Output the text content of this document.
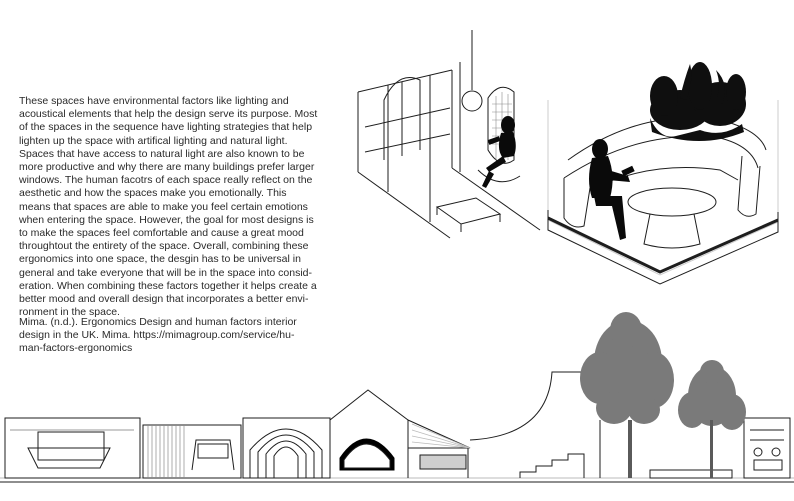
These spaces have environmental factors like lighting and
acoustical elements that help the design serve its purpose. Most
of the spaces in the sequence have lighting strategies that help
lighten up the space with artifical lighting and natural light.
Spaces that have access to natural light are also known to be
more productive and why there are many buildings prefer larger
windows. The human facotrs of each space really reflect on the
aesthetic and how the spaces make you emotionally. This
means that spaces are able to make you feel certain emotions
when entering the space. However, the goal for most designs is
to make the spaces feel comfortable and cause a great mood
throughtout the entirety of the space. Overall, combining these
ergonomics into one space, the desgin has to be universal in
general and take everyone that will be in the space into consid-
eration. When combining these factors together it helps create a
better mood and overall design that incorporates a better envi-
ronment in the space.
Mima. (n.d.). Ergonomics Design and human factors interior
design in the UK. Mima. https://mimagroup.com/service/hu-
man-factors-ergonomics
